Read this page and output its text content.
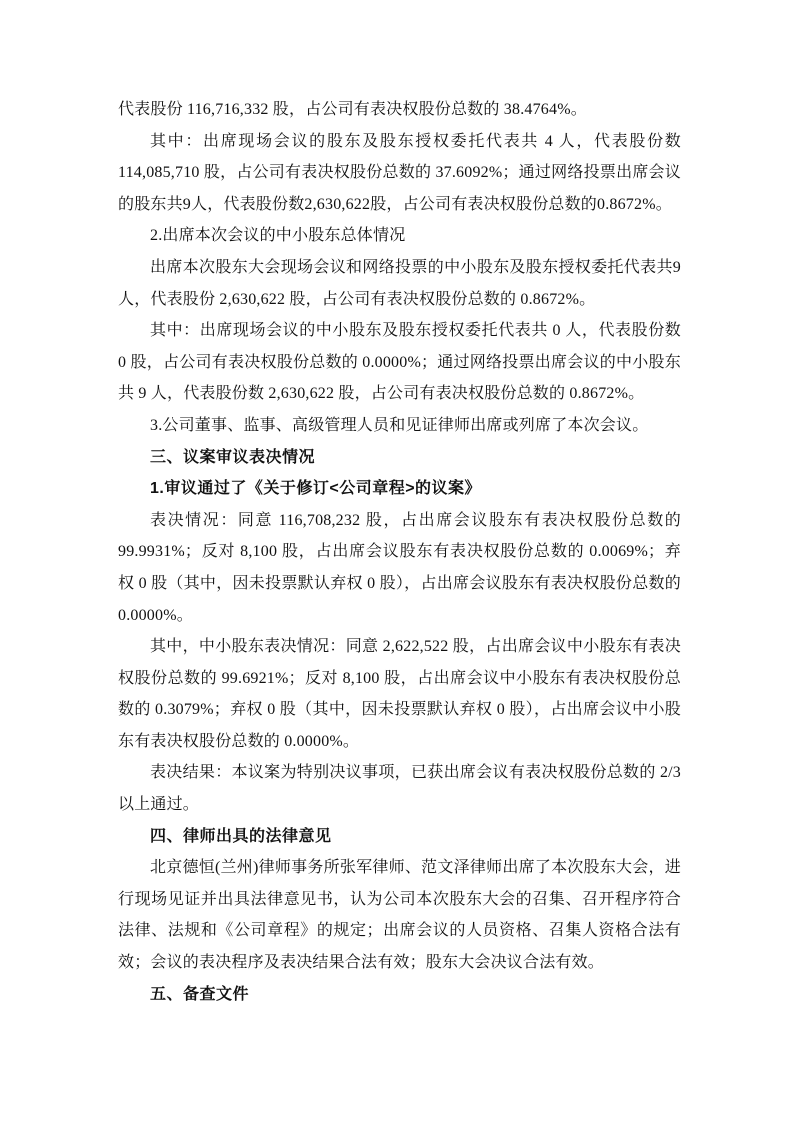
代表股份 116,716,332 股，占公司有表决权股份总数的 38.4764%。

其中：出席现场会议的股东及股东授权委托代表共 4 人，代表股份数 114,085,710 股，占公司有表决权股份总数的 37.6092%；通过网络投票出席会议的股东共9人，代表股份数2,630,622股，占公司有表决权股份总数的0.8672%。

2.出席本次会议的中小股东总体情况

出席本次股东大会现场会议和网络投票的中小股东及股东授权委托代表共9人，代表股份 2,630,622 股，占公司有表决权股份总数的 0.8672%。

其中：出席现场会议的中小股东及股东授权委托代表共 0 人，代表股份数 0 股，占公司有表决权股份总数的 0.0000%；通过网络投票出席会议的中小股东共 9 人，代表股份数 2,630,622 股，占公司有表决权股份总数的 0.8672%。

3.公司董事、监事、高级管理人员和见证律师出席或列席了本次会议。

三、议案审议表决情况

1.审议通过了《关于修订<公司章程>的议案》

表决情况：同意 116,708,232 股，占出席会议股东有表决权股份总数的 99.9931%；反对 8,100 股，占出席会议股东有表决权股份总数的 0.0069%；弃权 0 股（其中，因未投票默认弃权 0 股），占出席会议股东有表决权股份总数的 0.0000%。

其中，中小股东表决情况：同意 2,622,522 股，占出席会议中小股东有表决权股份总数的 99.6921%；反对 8,100 股，占出席会议中小股东有表决权股份总数的 0.3079%；弃权 0 股（其中，因未投票默认弃权 0 股），占出席会议中小股东有表决权股份总数的 0.0000%。

表决结果：本议案为特别决议事项，已获出席会议有表决权股份总数的 2/3 以上通过。

四、律师出具的法律意见

北京德恒(兰州)律师事务所张军律师、范文泽律师出席了本次股东大会，进行现场见证并出具法律意见书，认为公司本次股东大会的召集、召开程序符合法律、法规和《公司章程》的规定；出席会议的人员资格、召集人资格合法有效；会议的表决程序及表决结果合法有效；股东大会决议合法有效。

五、备查文件
